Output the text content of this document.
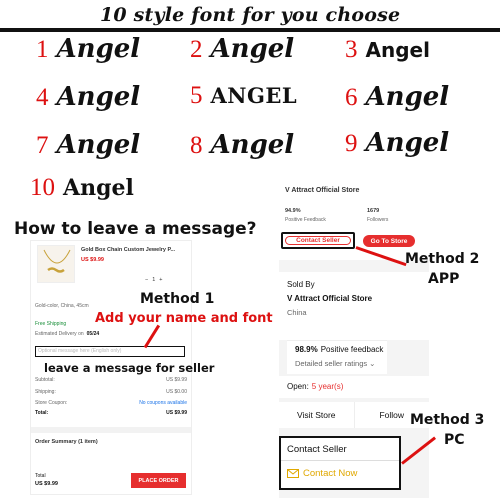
10 style font for you choose
1 Angel 2 Angel 3 Angel
4 Angel 5 ANGEL 6 Angel
7 Angel 8 Angel 9 Angel
10 Angel
How to leave a message?
Gold Box Chain Custom Jewelry P...
US $9.99
− 1 +
Gold-color, China, 45cm
Free Shipping
Estimated Delivery on 05/24
Optional message here (English only)
Subtotal:	US $9.99
Shipping:	US $0.00
Store Coupon:	No coupons available
Total:	US $9.99
Order Summary (1 item)
Total
US $9.99
PLACE ORDER
Method 1
Add your name and font
leave a message for seller
V Attract Official Store
94.9%
Positive Feedback
1679
Followers
Contact Seller	Go To Store
Sold By
V Attract Official Store
China
98.9% Positive feedback
Detailed seller ratings ⌄
Open: 5 year(s)
Visit Store	Follow
Contact Seller
Contact Now
Method 2
APP
Method 3
PC
